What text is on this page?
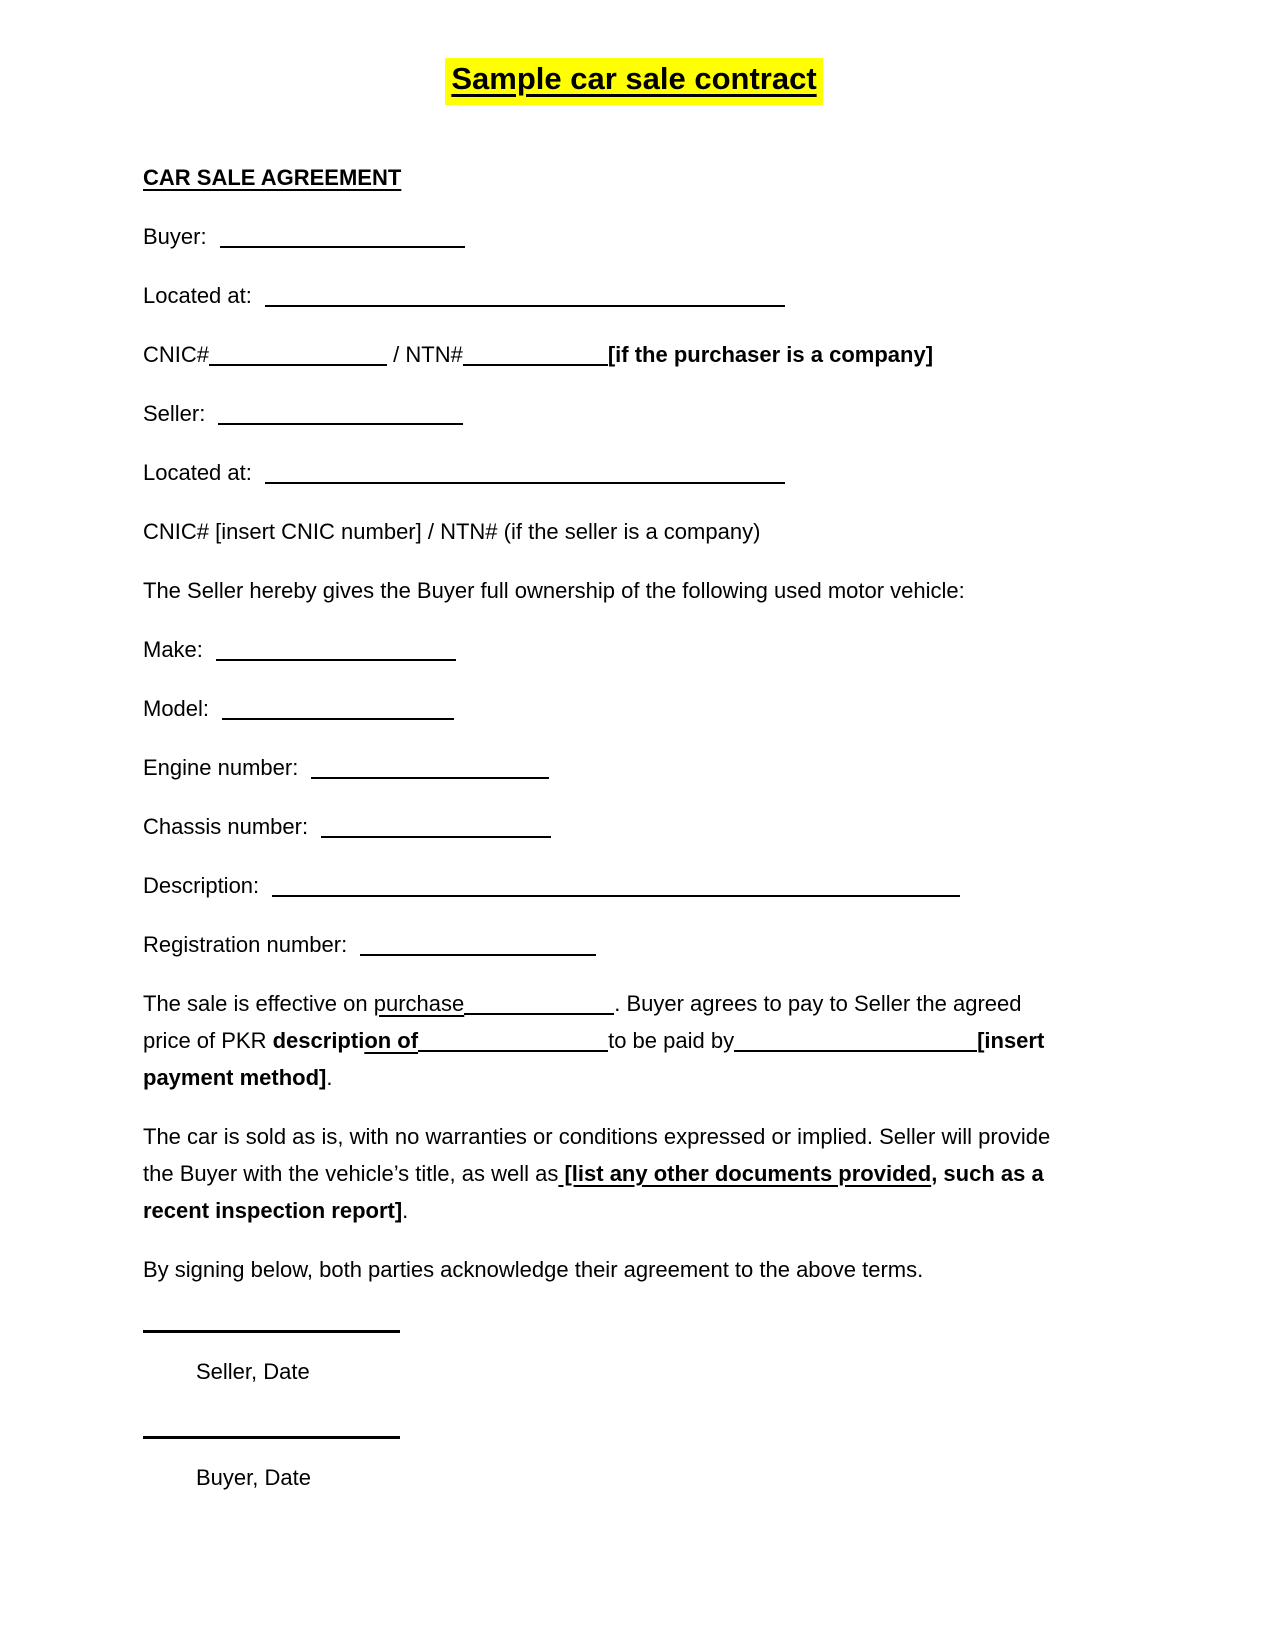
Sample car sale contract
CAR SALE AGREEMENT

Buyer:

Located at:

CNIC#	/ NTN#	[if the purchaser is a company]

Seller:

Located at:

CNIC# [insert CNIC number] / NTN# (if the seller is a company)

The Seller hereby gives the Buyer full ownership of the following used motor vehicle:

Make:

Model:

Engine number:

Chassis number:

Description:

Registration number:

The sale is effective on purchase	. Buyer agrees to pay to Seller the agreed
price of PKR description of	to be paid by	[insert
payment method].
The car is sold as is, with no warranties or conditions expressed or implied. Seller will provide
the Buyer with the vehicle’s title, as well as [list any other documents provided, such as a
recent inspection report].

By signing below, both parties acknowledge their agreement to the above terms.

Seller, Date
Buyer, Date
